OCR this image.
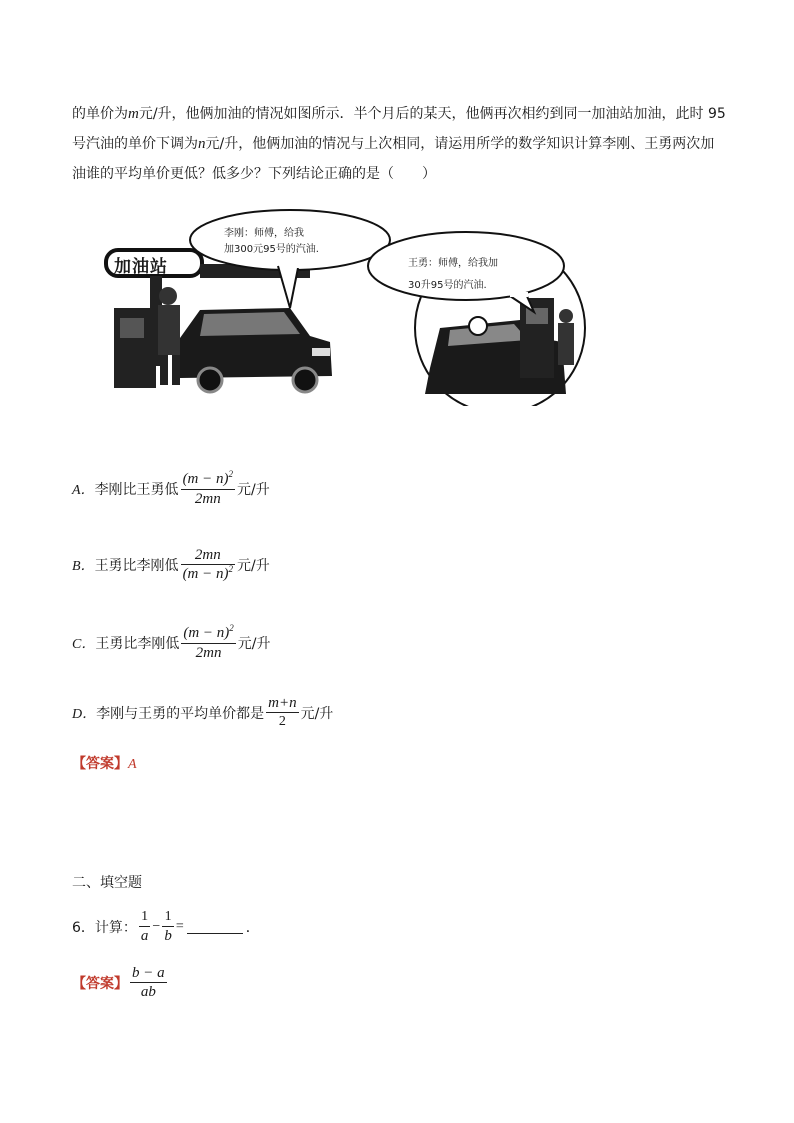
的单价为m元/升，他俩加油的情况如图所示．半个月后的某天，他俩再次相约到同一加油站加油，此时 95
号汽油的单价下调为n元/升，他俩加油的情况与上次相同，请运用所学的数学知识计算李刚、王勇两次加
油谁的平均单价更低？低多少？下列结论正确的是（　　）
加油站
李刚：师傅，给我
加300元95号的汽油.
王勇：师傅，给我加
30升95号的汽油.
A． 李刚比王勇低 $\frac{(m - n)^2}{2mn}$ 元/升
B． 王勇比李刚低 $\frac{2mn}{(m - n)^2}$ 元/升
C． 王勇比李刚低 $\frac{(m - n)^2}{2mn}$ 元/升
D． 李刚与王勇的平均单价都是 $\frac{m+n}{2}$ 元/升
【答案】A
二、填空题
6．计算： $\frac{1}{a} - \frac{1}{b}$ =	．
【答案】 $\frac{b - a}{ab}$
